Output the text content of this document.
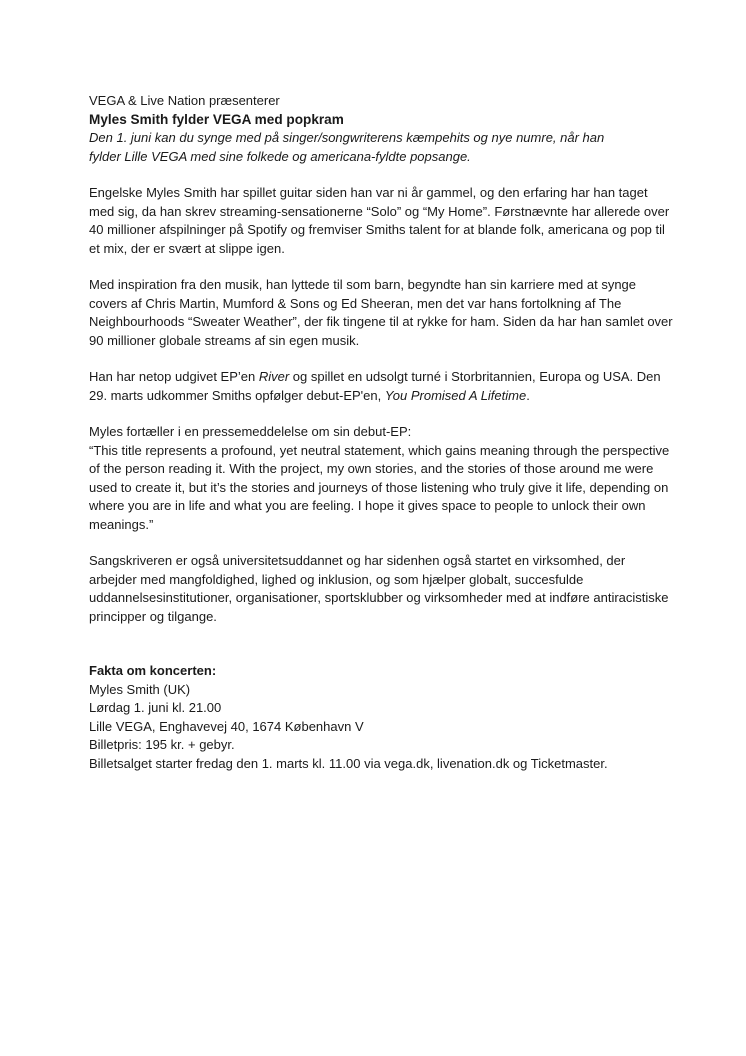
VEGA & Live Nation præsenterer

Myles Smith fylder VEGA med popkram

Den 1. juni kan du synge med på singer/songwriterens kæmpehits og nye numre, når han

fylder Lille VEGA med sine folkede og americana-fyldte popsange.

Engelske Myles Smith har spillet guitar siden han var ni år gammel, og den erfaring har han taget med sig, da han skrev streaming-sensationerne “Solo” og “My Home”. Førstnævnte har allerede over 40 millioner afspilninger på Spotify og fremviser Smiths talent for at blande folk, americana og pop til et mix, der er svært at slippe igen.

Med inspiration fra den musik, han lyttede til som barn, begyndte han sin karriere med at synge covers af Chris Martin, Mumford & Sons og Ed Sheeran, men det var hans fortolkning af The Neighbourhoods “Sweater Weather”, der fik tingene til at rykke for ham. Siden da har han samlet over 90 millioner globale streams af sin egen musik.

Han har netop udgivet EP’en River og spillet en udsolgt turné i Storbritannien, Europa og USA. Den 29. marts udkommer Smiths opfølger debut-EP'en, You Promised A Lifetime.

Myles fortæller i en pressemeddelelse om sin debut-EP:

“This title represents a profound, yet neutral statement, which gains meaning through the perspective of the person reading it. With the project, my own stories, and the stories of those around me were used to create it, but it’s the stories and journeys of those listening who truly give it life, depending on where you are in life and what you are feeling. I hope it gives space to people to unlock their own meanings.”

Sangskriveren er også universitetsuddannet og har sidenhen også startet en virksomhed, der arbejder med mangfoldighed, lighed og inklusion, og som hjælper globalt, succesfulde uddannelsesinstitutioner, organisationer, sportsklubber og virksomheder med at indføre antiracistiske principper og tilgange.

Fakta om koncerten:

Myles Smith (UK)

Lørdag 1. juni kl. 21.00

Lille VEGA, Enghavevej 40, 1674 København V

Billetpris: 195 kr. + gebyr.

Billetsalget starter fredag den 1. marts kl. 11.00 via vega.dk, livenation.dk og Ticketmaster.
